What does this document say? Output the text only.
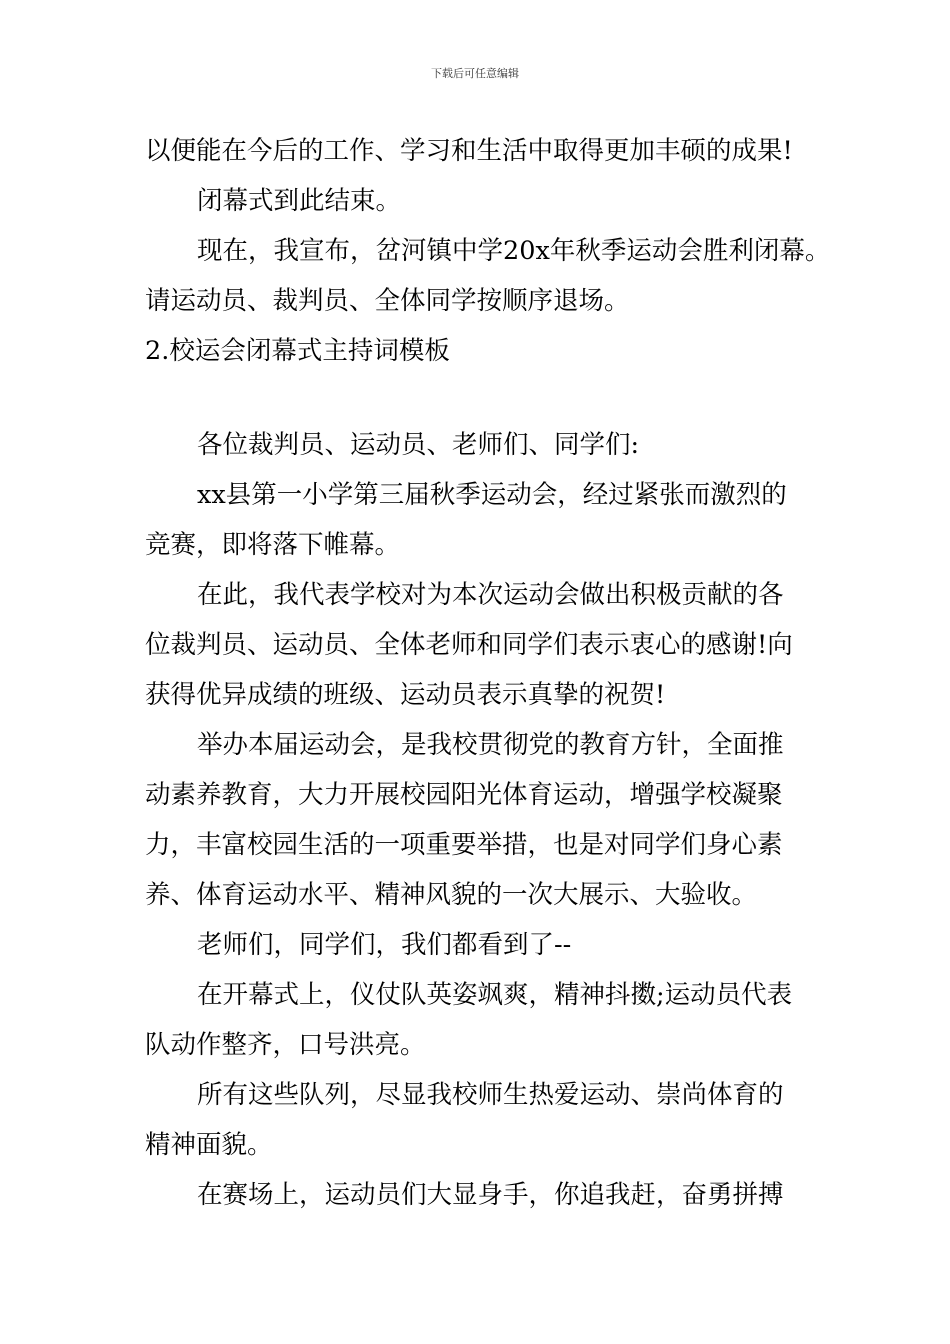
下载后可任意编辑
以便能在今后的工作、学习和生活中取得更加丰硕的成果!
闭幕式到此结束。
现在，我宣布，岔河镇中学20x年秋季运动会胜利闭幕。
请运动员、裁判员、全体同学按顺序退场。
2.校运会闭幕式主持词模板
各位裁判员、运动员、老师们、同学们:
xx县第一小学第三届秋季运动会，经过紧张而激烈的
竞赛，即将落下帷幕。
在此，我代表学校对为本次运动会做出积极贡献的各
位裁判员、运动员、全体老师和同学们表示衷心的感谢!向
获得优异成绩的班级、运动员表示真挚的祝贺!
举办本届运动会，是我校贯彻党的教育方针，全面推
动素养教育，大力开展校园阳光体育运动，增强学校凝聚
力，丰富校园生活的一项重要举措，也是对同学们身心素
养、体育运动水平、精神风貌的一次大展示、大验收。
老师们，同学们，我们都看到了--
在开幕式上，仪仗队英姿飒爽，精神抖擞;运动员代表
队动作整齐，口号洪亮。
所有这些队列，尽显我校师生热爱运动、崇尚体育的
精神面貌。
在赛场上，运动员们大显身手，你追我赶，奋勇拼搏
